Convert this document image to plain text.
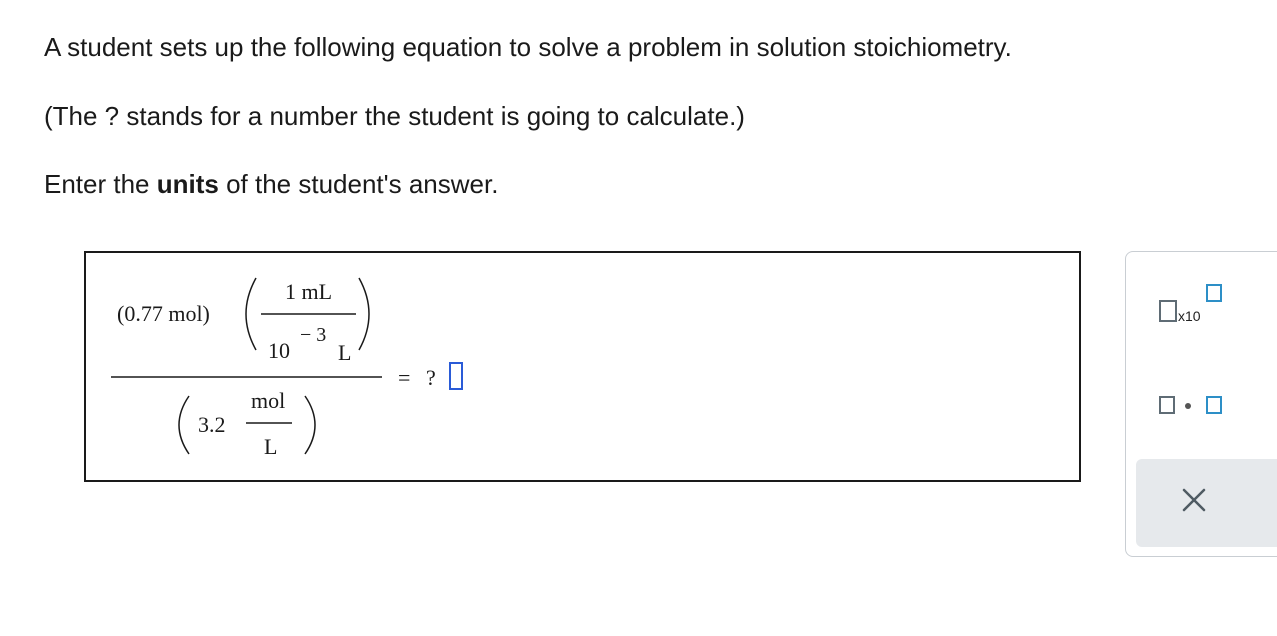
A student sets up the following equation to solve a problem in solution stoichiometry.
(The ? stands for a number the student is going to calculate.)
Enter the units of the student's answer.
(0.77 mol)
1 mL
10
− 3
L
3.2
mol
L
= ?
x10
